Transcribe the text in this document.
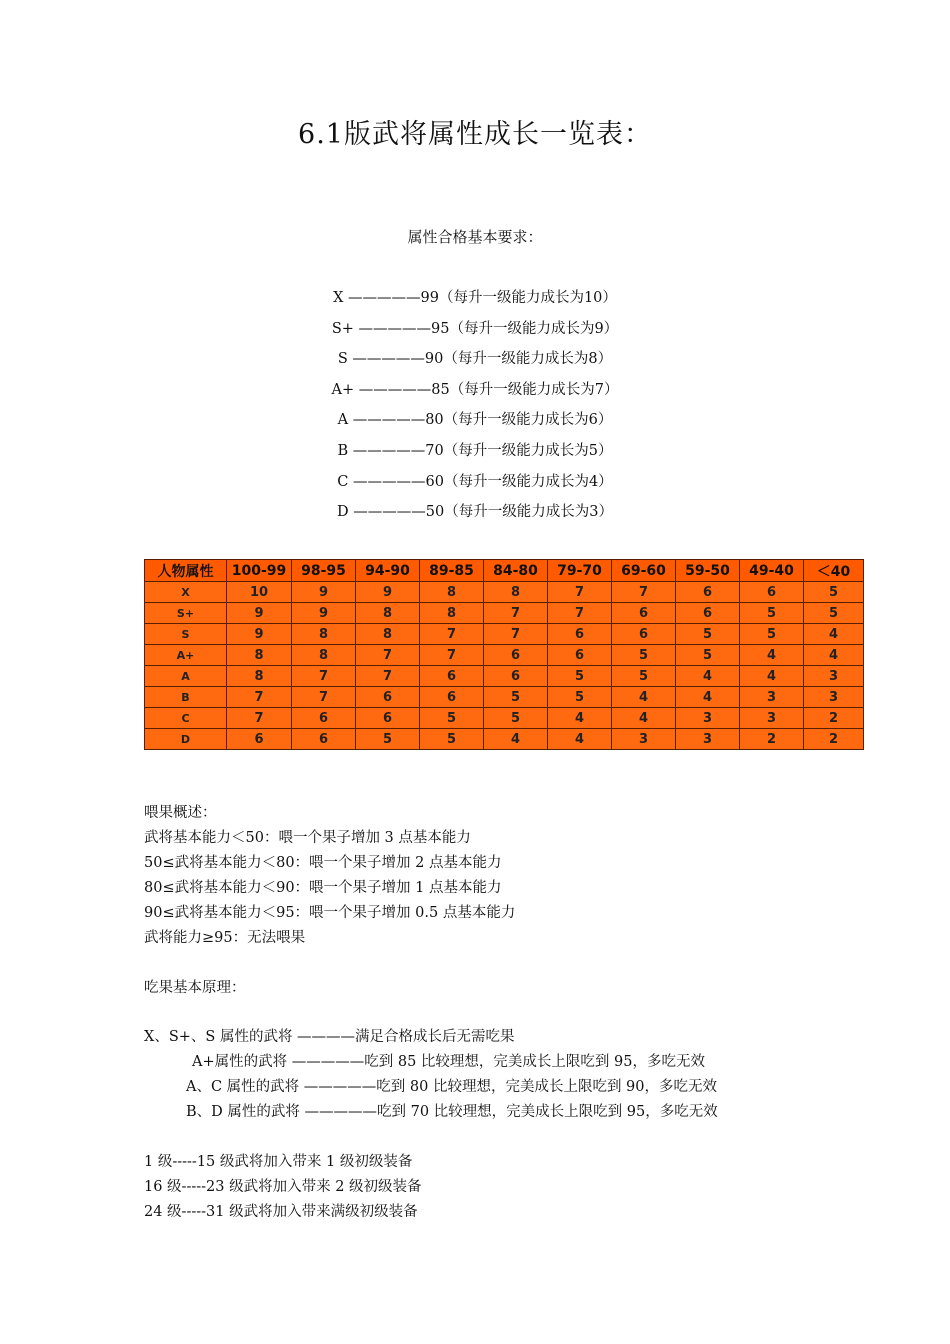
6.1版武将属性成长一览表：
属性合格基本要求：
X —————99（每升一级能力成长为10）
S+ —————95（每升一级能力成长为9）
S —————90（每升一级能力成长为8）
A+ —————85（每升一级能力成长为7）
A —————80（每升一级能力成长为6）
B —————70（每升一级能力成长为5）
C —————60（每升一级能力成长为4）
D —————50（每升一级能力成长为3）
人物属性	100-99	98-95	94-90	89-85	84-80	79-70	69-60	59-50	49-40	＜40
X	10	9	9	8	8	7	7	6	6	5
S+	9	9	8	8	7	7	6	6	5	5
S	9	8	8	7	7	6	6	5	5	4
A+	8	8	7	7	6	6	5	5	4	4
A	8	7	7	6	6	5	5	4	4	3
B	7	7	6	6	5	5	4	4	3	3
C	7	6	6	5	5	4	4	3	3	2
D	6	6	5	5	4	4	3	3	2	2
喂果概述：
武将基本能力＜50：喂一个果子增加 3 点基本能力
50≤武将基本能力＜80：喂一个果子增加 2 点基本能力
80≤武将基本能力＜90：喂一个果子增加 1 点基本能力
90≤武将基本能力＜95：喂一个果子增加 0.5 点基本能力
武将能力≥95：无法喂果
吃果基本原理：
X、S+、S 属性的武将 ————满足合格成长后无需吃果
A+属性的武将 —————吃到 85 比较理想，完美成长上限吃到 95，多吃无效
A、C 属性的武将 —————吃到 80 比较理想，完美成长上限吃到 90，多吃无效
B、D 属性的武将 —————吃到 70 比较理想，完美成长上限吃到 95，多吃无效
1 级-----15 级武将加入带来 1 级初级装备
16 级-----23 级武将加入带来 2 级初级装备
24 级-----31 级武将加入带来满级初级装备
